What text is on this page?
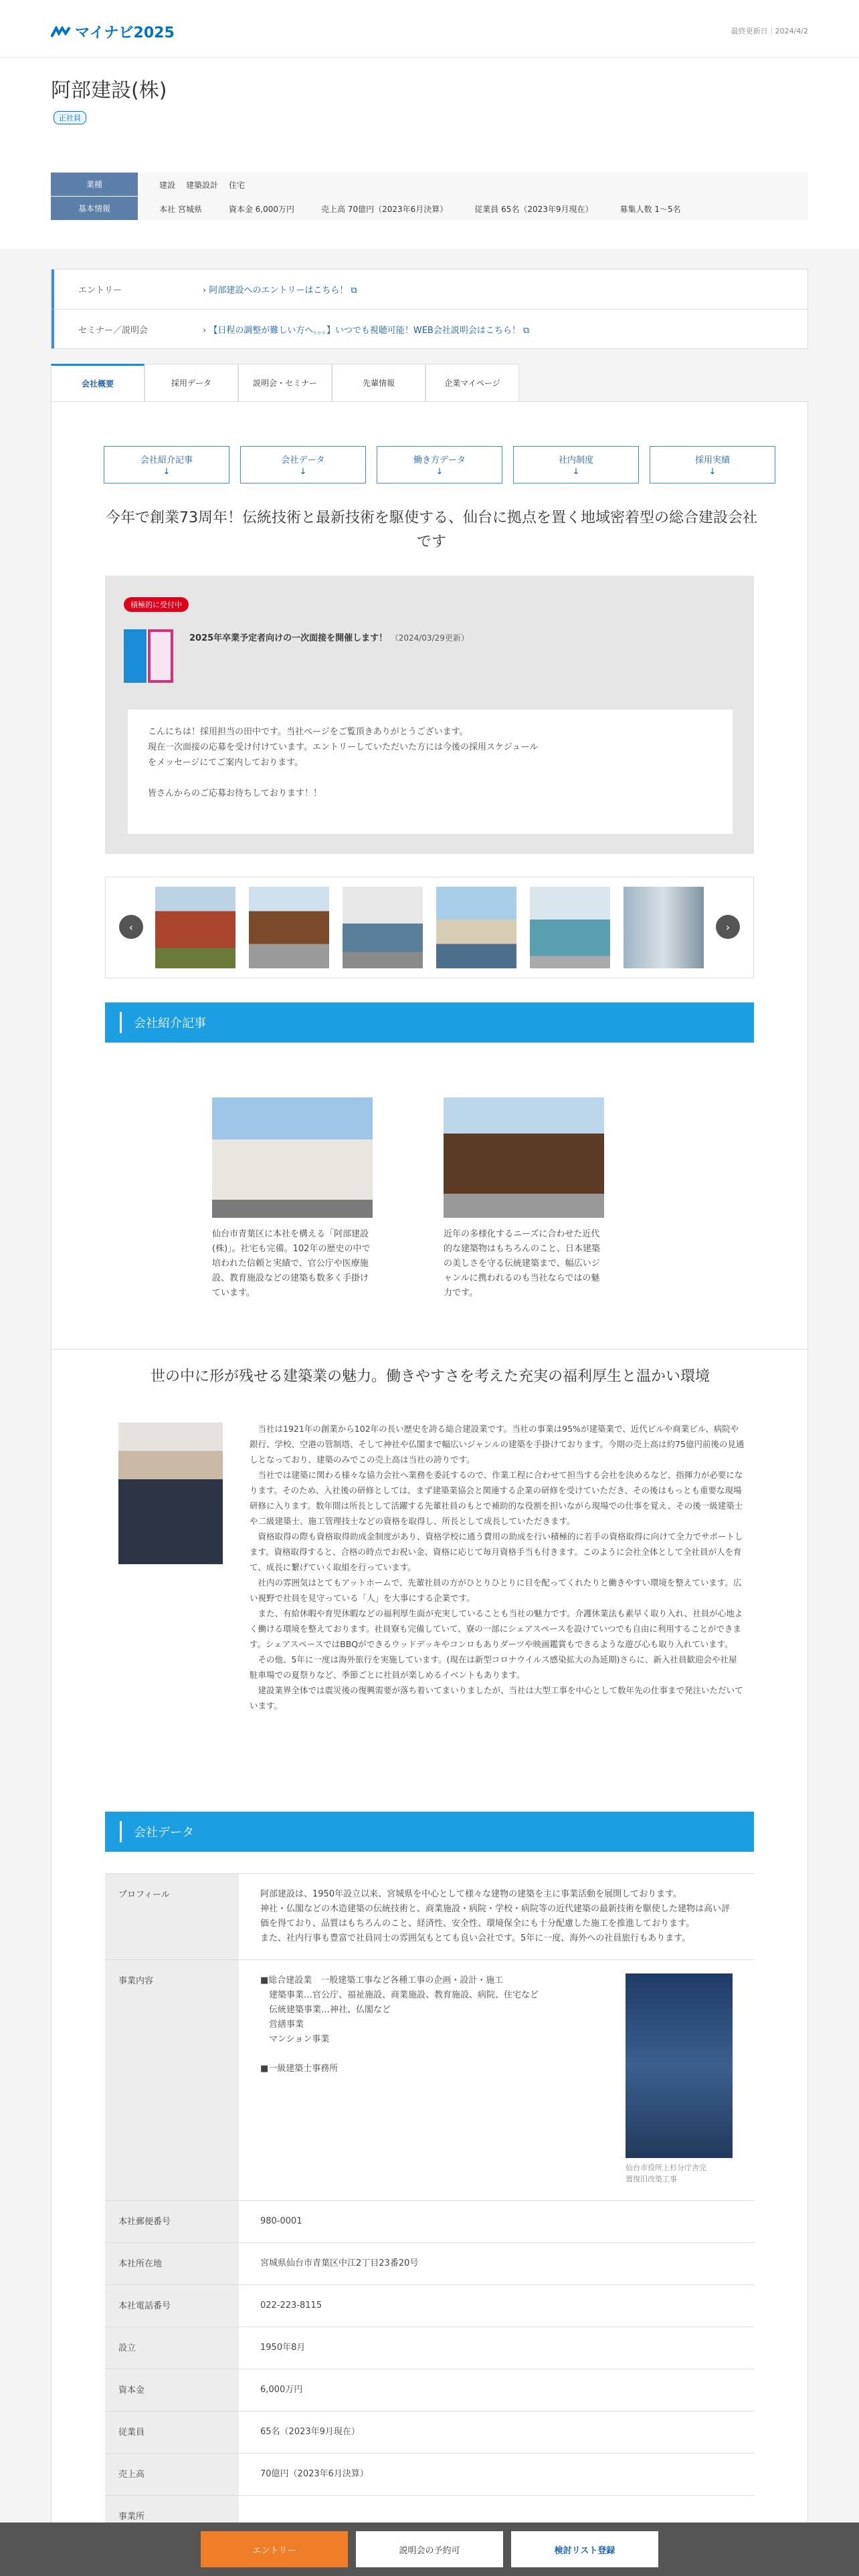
マイナビ2025	最終更新日｜2024/4/2
阿部建設(株)
正社員
業種	建設 建築設計 住宅
基本情報	本社 宮城県	資本金 6,000万円	売上高 70億円（2023年6月決算）	従業員 65名（2023年9月現在）	募集人数 1〜5名
エントリー	› 阿部建設へのエントリーはこちら！ ⧉
セミナー／説明会	› 【日程の調整が難しい方へ。。。】いつでも視聴可能！WEB会社説明会はこちら！ ⧉
会社概要	採用データ	説明会・セミナー	先輩情報	企業マイページ
会社紹介記事
↓
会社データ
↓
働き方データ
↓
社内制度
↓
採用実績
↓
今年で創業73周年！伝統技術と最新技術を駆使する、仙台に拠点を置く地域密着型の総合建設会社です
積極的に受付中

2025年卒業予定者向けの一次面接を開催します！ （2024/03/29更新）

こんにちは！採用担当の田中です。当社ページをご覧頂きありがとうございます。
現在一次面接の応募を受け付けています。エントリーしていただいた方には今後の採用スケジュール
をメッセージにてご案内しております。

皆さんからのご応募お待ちしております！！
‹	›
会社紹介記事

仙台市青葉区に本社を構える「阿部建設(株)」。社宅も完備。102年の歴史の中で培われた信頼と実績で、官公庁や医療施設、教育施設などの建築も数多く手掛けています。

近年の多様化するニーズに合わせた近代的な建築物はもちろんのこと、日本建築の美しさを守る伝統建築まで、幅広いジャンルに携われるのも当社ならではの魅力です。

世の中に形が残せる建築業の魅力。働きやすさを考えた充実の福利厚生と温かい環境
　当社は1921年の創業から102年の長い歴史を誇る総合建設業です。当社の事業は95%が建築業で、近代ビルや商業ビル、病院や銀行、学校、空港の管制塔、そして神社や仏閣まで幅広いジャンルの建築を手掛けております。今期の売上高は約75億円前後の見通しとなっており、建築のみでこの売上高は当社の誇りです。
　当社では建築に関わる様々な協力会社へ業務を委託するので、作業工程に合わせて担当する会社を決めるなど、指揮力が必要になります。そのため、入社後の研修としては、まず建築業協会と関連する企業の研修を受けていただき、その後はもっとも重要な現場研修に入ります。数年間は所長として活躍する先輩社員のもとで補助的な役割を担いながら現場での仕事を覚え、その後一級建築士や二級建築士、施工管理技士などの資格を取得し、所長として成長していただきます。
　資格取得の際も資格取得助成金制度があり、資格学校に通う費用の助成を行い積極的に若手の資格取得に向けて全力でサポートします。資格取得すると、合格の時点でお祝い金、資格に応じて毎月資格手当も付きます。このように会社全体として全社員が人を育て、成長に繋げていく取組を行っています。
　社内の雰囲気はとてもアットホームで、先輩社員の方がひとりひとりに目を配ってくれたりと働きやすい環境を整えています。広い視野で社員を見守っている「人」を大事にする企業です。
　また、有給休暇や育児休暇などの福利厚生面が充実していることも当社の魅力です。介護休業法も素早く取り入れ、社員が心地よく働ける環境を整えております。社員寮も完備していて、寮の一部にシェアスペースを設けていつでも自由に利用することができます。シェアスペースではBBQができるウッドデッキやコンロもありダーツや映画鑑賞もできるような遊び心も取り入れています。
　その他、5年に一度は海外旅行を実施しています。(現在は新型コロナウイルス感染拡大の為延期)さらに、新入社員歓迎会や社屋駐車場での夏祭りなど、季節ごとに社員が楽しめるイベントもあります。
　建設業界全体では震災後の復興需要が落ち着いてまいりましたが、当社は大型工事を中心として数年先の仕事まで発注いただいています。
会社データ
プロフィール	阿部建設は、1950年設立以来、宮城県を中心として様々な建物の建築を主に事業活動を展開しております。
神社・仏閣などの木造建築の伝統技術と、商業施設・病院・学校・病院等の近代建築の最新技術を駆使した建物は高い評価を得ており、品質はもちろんのこと、経済性、安全性、環境保全にも十分配慮した施工を推進しております。
また、社内行事も豊富で社員同士の雰囲気もとても良い会社です。5年に一度、海外への社員旅行もあります。
事業内容	■総合建設業　一般建築工事など各種工事の企画・設計・施工
　建築事業…官公庁、福祉施設、商業施設、教育施設、病院、住宅など
　伝統建築事業…神社、仏閣など
　営繕事業
　マンション事業

■一級建築士事務所
仙台市役所上杉分庁舎完
置復旧改築工事
本社郵便番号	980-0001
本社所在地	宮城県仙台市青葉区中江2丁目23番20号
本社電話番号	022-223-8115
設立	1950年8月
資本金	6,000万円
従業員	65名（2023年9月現在）
売上高	70億円（2023年6月決算）
事業所
エントリー	説明会の予約可	検討リスト登録
